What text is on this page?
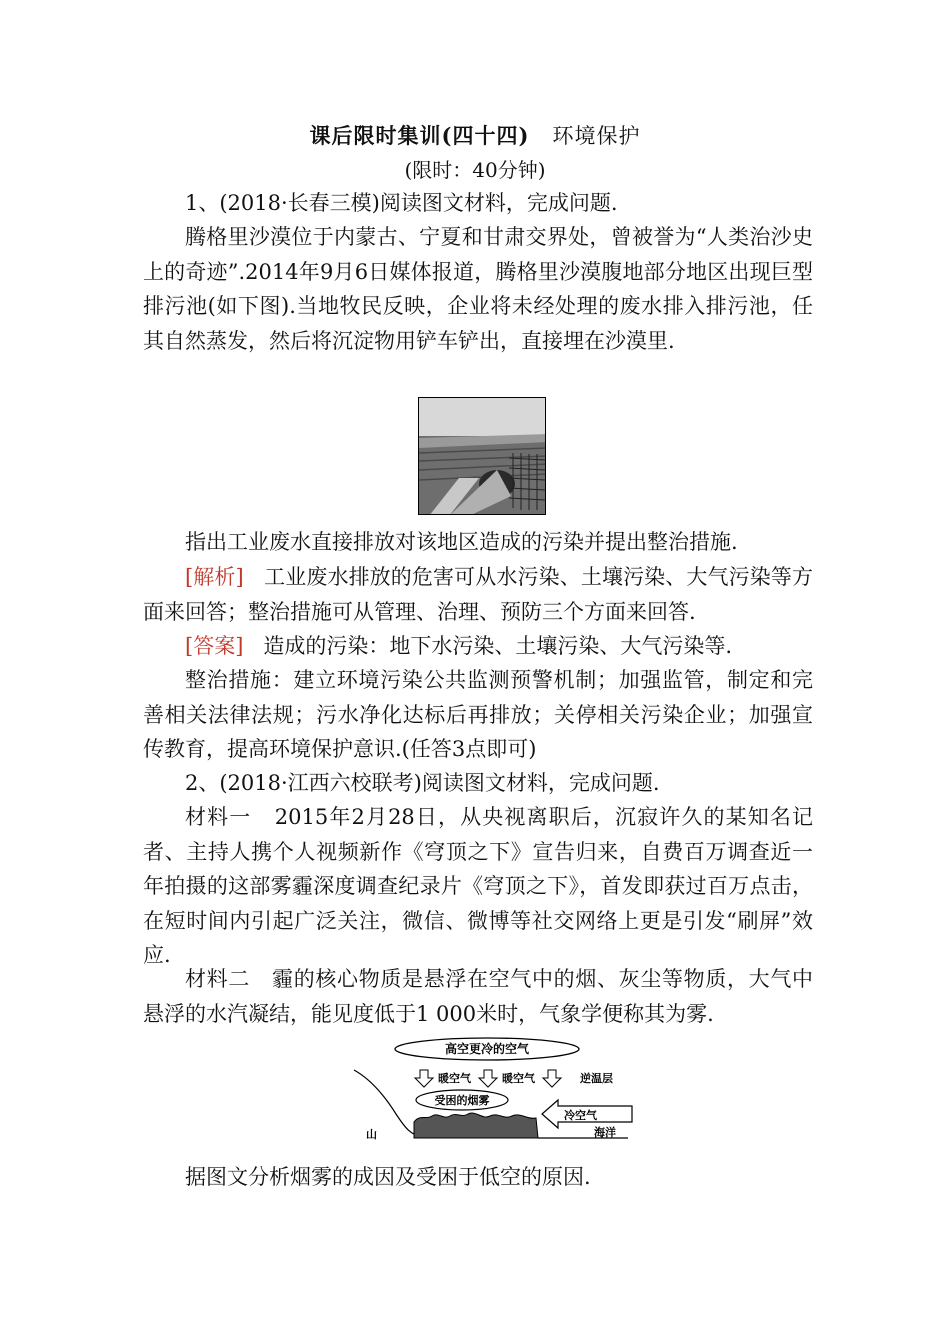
课后限时集训(四十四) 环境保护
(限时：40分钟)
1、(2018·长春三模)阅读图文材料，完成问题.
腾格里沙漠位于内蒙古、宁夏和甘肃交界处，曾被誉为“人类治沙史上的奇迹”.2014年9月6日媒体报道，腾格里沙漠腹地部分地区出现巨型排污池(如下图).当地牧民反映，企业将未经处理的废水排入排污池，任其自然蒸发，然后将沉淀物用铲车铲出，直接埋在沙漠里.
指出工业废水直接排放对该地区造成的污染并提出整治措施.
[解析] 工业废水排放的危害可从水污染、土壤污染、大气污染等方面来回答；整治措施可从管理、治理、预防三个方面来回答.
[答案] 造成的污染：地下水污染、土壤污染、大气污染等.
整治措施：建立环境污染公共监测预警机制；加强监管，制定和完善相关法律法规；污水净化达标后再排放；关停相关污染企业；加强宣传教育，提高环境保护意识.(任答3点即可)
2、(2018·江西六校联考)阅读图文材料，完成问题.
材料一 2015年2月28日，从央视离职后，沉寂许久的某知名记者、主持人携个人视频新作《穹顶之下》宣告归来，自费百万调查近一年拍摄的这部雾霾深度调查纪录片《穹顶之下》，首发即获过百万点击，在短时间内引起广泛关注，微信、微博等社交网络上更是引发“刷屏”效应.
材料二 霾的核心物质是悬浮在空气中的烟、灰尘等物质，大气中悬浮的水汽凝结，能见度低于1 000米时，气象学便称其为雾.
高空更冷的空气
暖空气	暖空气	逆温层
山
受困的烟雾
冷空气
海洋
据图文分析烟雾的成因及受困于低空的原因.
